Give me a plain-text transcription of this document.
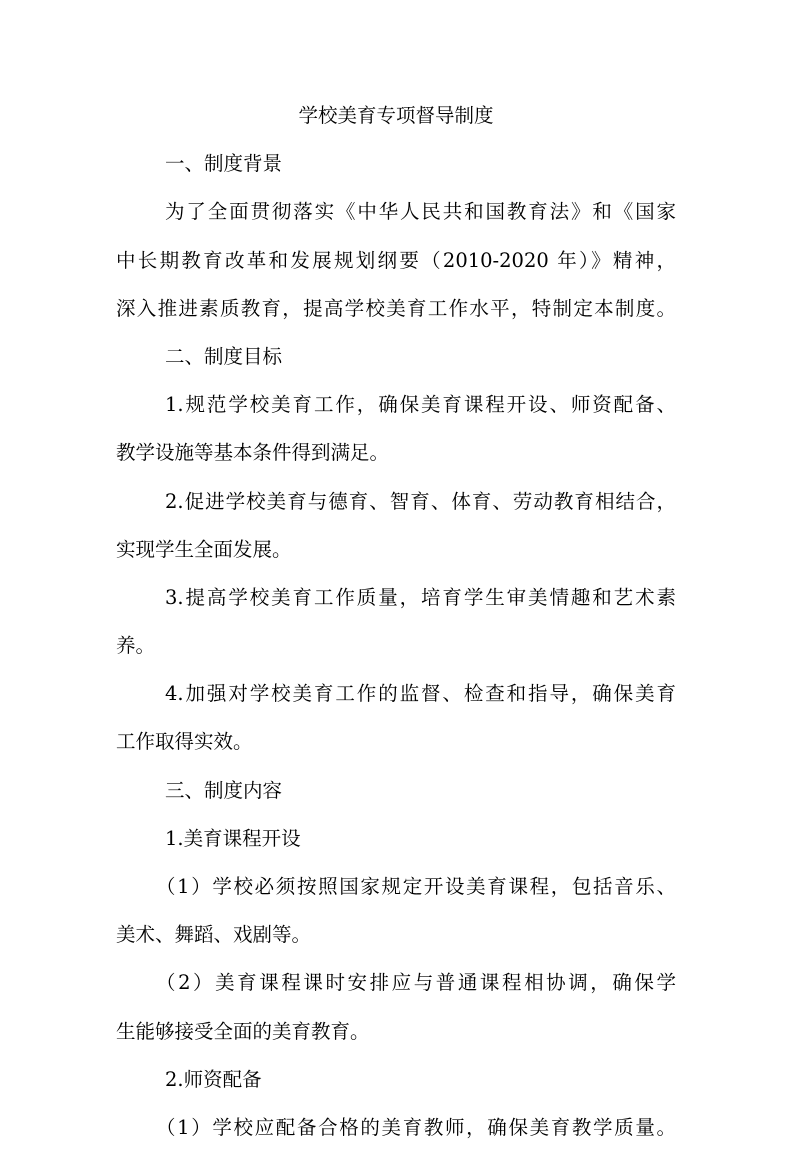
学校美育专项督导制度
一、制度背景
为了全面贯彻落实《中华人民共和国教育法》和《国家
中长期教育改革和发展规划纲要（2010-2020 年）》精神，
深入推进素质教育，提高学校美育工作水平，特制定本制度。
二、制度目标
1.规范学校美育工作，确保美育课程开设、师资配备、
教学设施等基本条件得到满足。
2.促进学校美育与德育、智育、体育、劳动教育相结合，
实现学生全面发展。
3.提高学校美育工作质量，培育学生审美情趣和艺术素
养。
4.加强对学校美育工作的监督、检查和指导，确保美育
工作取得实效。
三、制度内容
1.美育课程开设
（1）学校必须按照国家规定开设美育课程，包括音乐、
美术、舞蹈、戏剧等。
（2）美育课程课时安排应与普通课程相协调，确保学
生能够接受全面的美育教育。
2.师资配备
（1）学校应配备合格的美育教师，确保美育教学质量。
